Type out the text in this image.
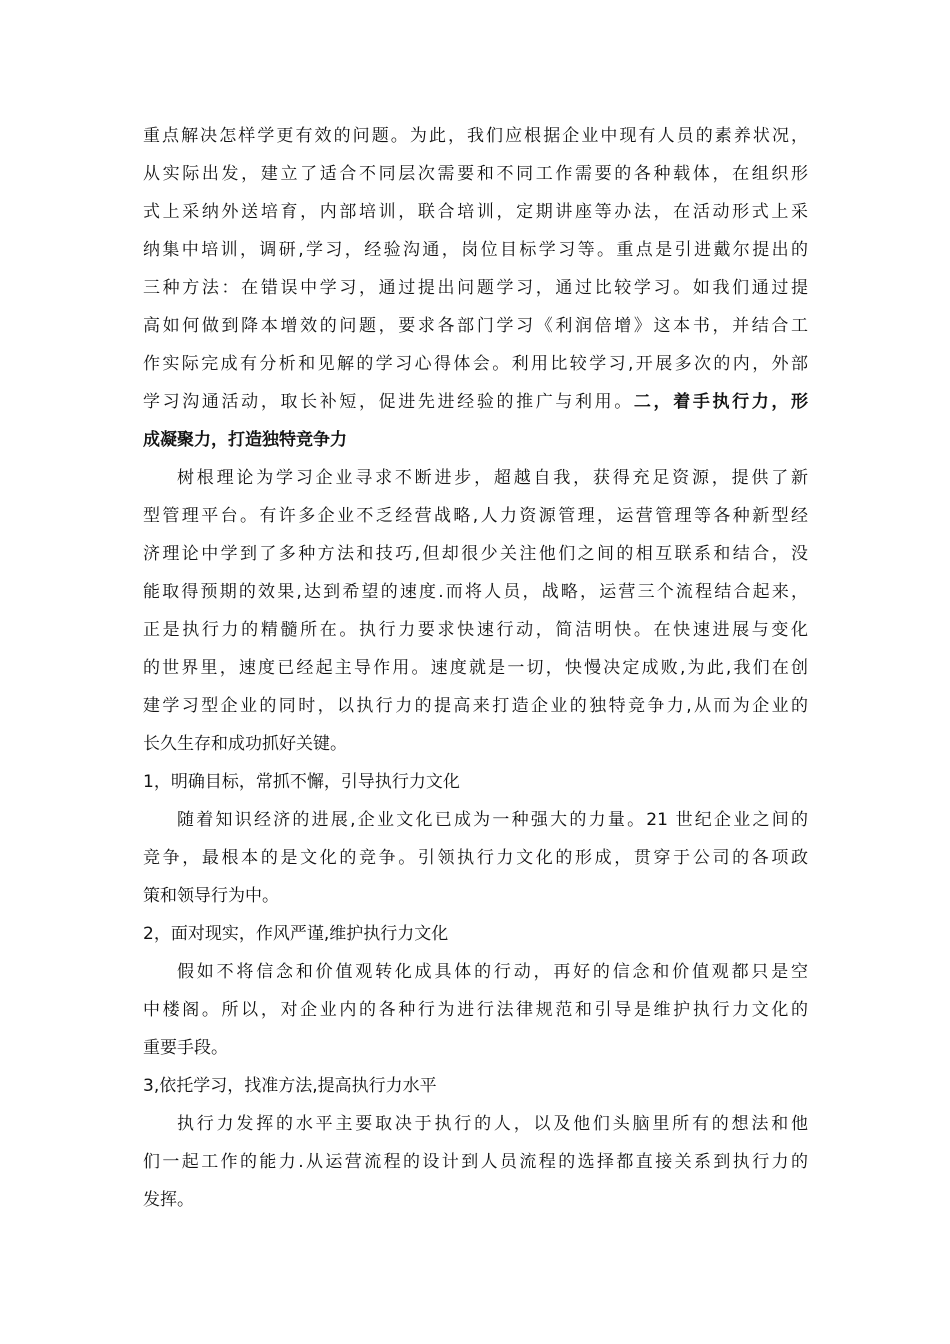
重点解决怎样学更有效的问题。为此，我们应根据企业中现有人员的素养状况，
从实际出发，建立了适合不同层次需要和不同工作需要的各种载体，在组织形
式上采纳外送培育，内部培训，联合培训，定期讲座等办法，在活动形式上采
纳集中培训，调研,学习，经验沟通，岗位目标学习等。重点是引进戴尔提出的
三种方法：在错误中学习，通过提出问题学习，通过比较学习。如我们通过提
高如何做到降本增效的问题，要求各部门学习《利润倍增》这本书，并结合工
作实际完成有分析和见解的学习心得体会。利用比较学习,开展多次的内，外部
学习沟通活动，取长补短，促进先进经验的推广与利用。二，着手执行力，形
成凝聚力，打造独特竞争力
树根理论为学习企业寻求不断进步，超越自我，获得充足资源，提供了新
型管理平台。有许多企业不乏经营战略,人力资源管理，运营管理等各种新型经
济理论中学到了多种方法和技巧,但却很少关注他们之间的相互联系和结合，没
能取得预期的效果,达到希望的速度.而将人员，战略，运营三个流程结合起来，
正是执行力的精髓所在。执行力要求快速行动，简洁明快。在快速进展与变化
的世界里，速度已经起主导作用。速度就是一切，快慢决定成败,为此,我们在创
建学习型企业的同时，以执行力的提高来打造企业的独特竞争力,从而为企业的
长久生存和成功抓好关键。
1，明确目标，常抓不懈，引导执行力文化
随着知识经济的进展,企业文化已成为一种强大的力量。21 世纪企业之间的
竞争，最根本的是文化的竞争。引领执行力文化的形成，贯穿于公司的各项政
策和领导行为中。
2，面对现实，作风严谨,维护执行力文化
假如不将信念和价值观转化成具体的行动，再好的信念和价值观都只是空
中楼阁。所以，对企业内的各种行为进行法律规范和引导是维护执行力文化的
重要手段。
3,依托学习，找准方法,提高执行力水平
执行力发挥的水平主要取决于执行的人，以及他们头脑里所有的想法和他
们一起工作的能力.从运营流程的设计到人员流程的选择都直接关系到执行力的
发挥。
